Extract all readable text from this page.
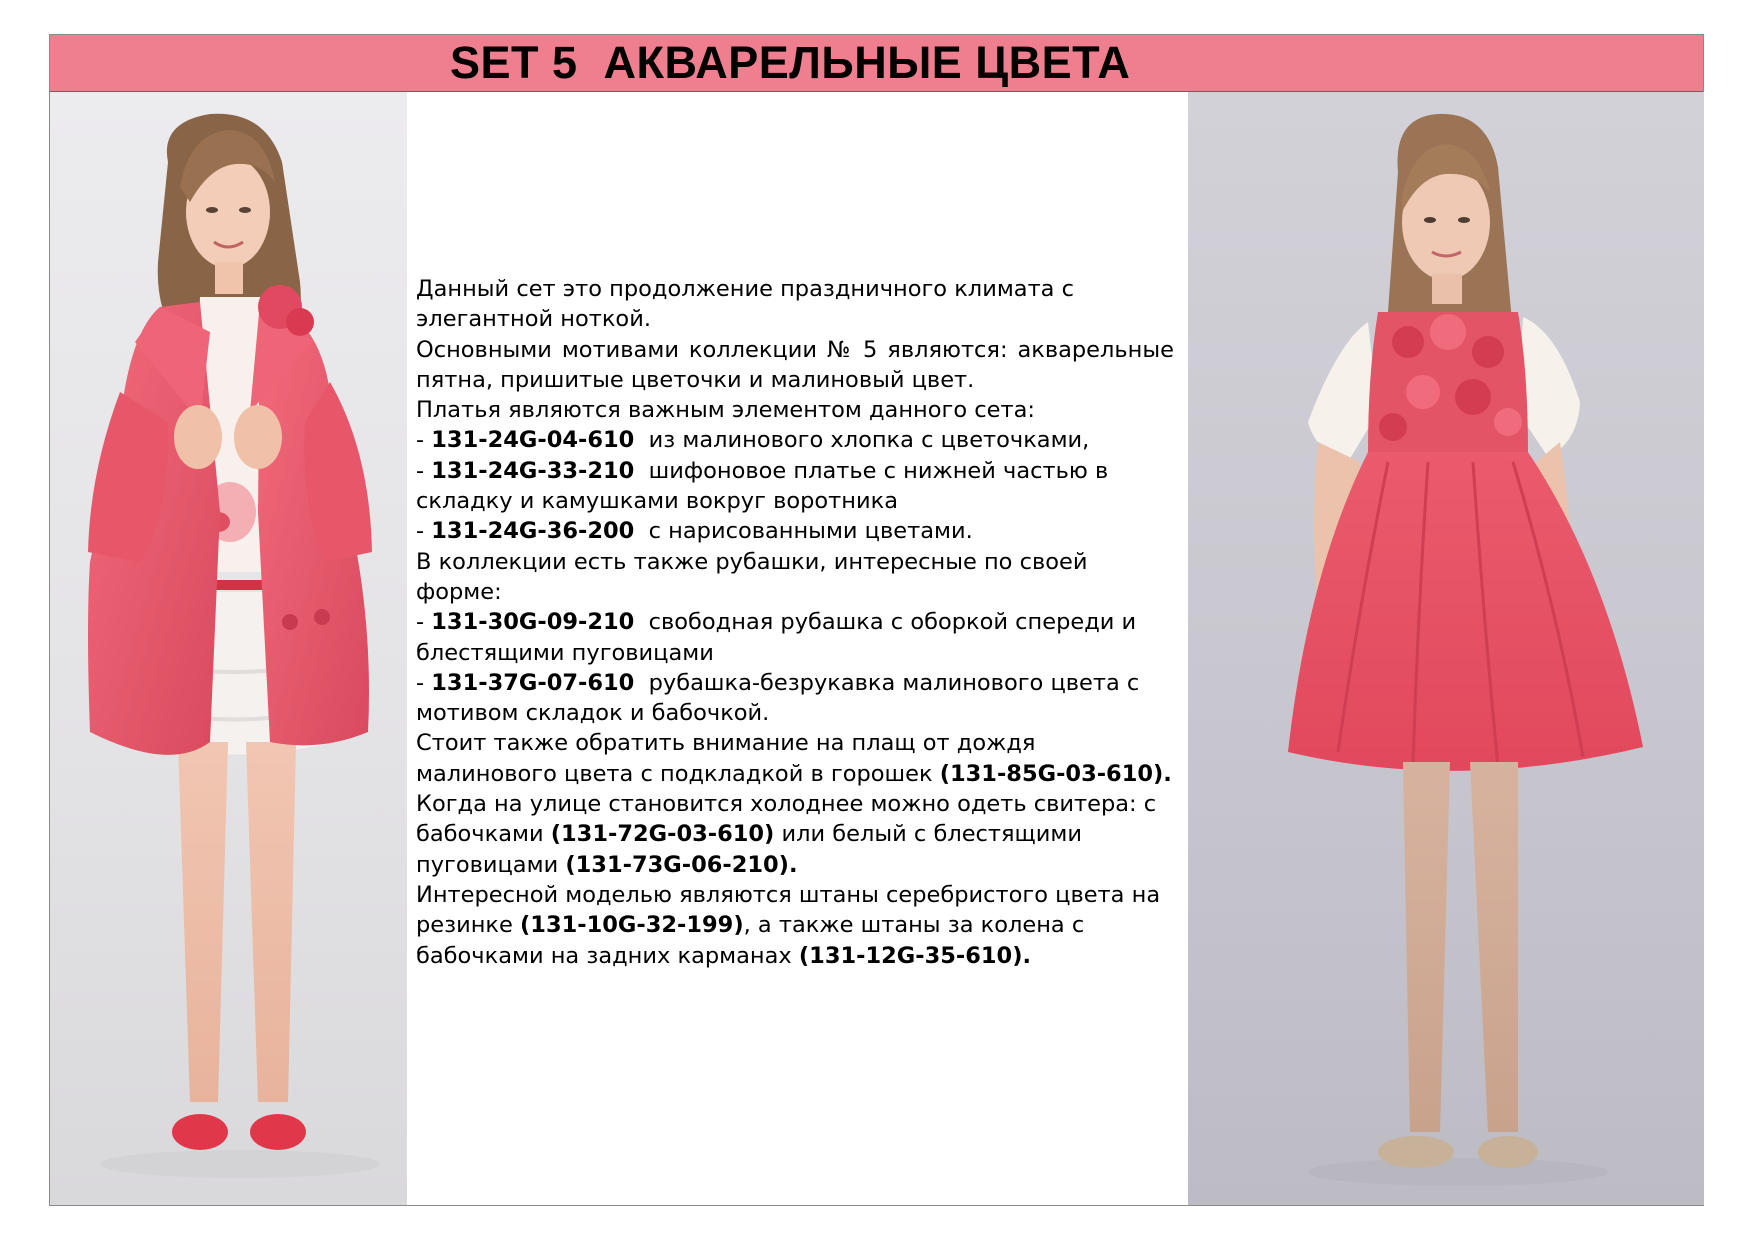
SET 5  АКВАРЕЛЬНЫЕ ЦВЕТА

Данный сет это продолжение праздничного климата с элегантной ноткой.

Основными мотивами коллекции № 5 являются: акварельные пятна, пришитые цветочки и малиновый цвет.

Платья являются важным элементом данного сета:

- 131-24G-04-610 из малинового хлопка с цветочками,

- 131-24G-33-210 шифоновое платье с нижней частью в складку и камушками вокруг воротника

- 131-24G-36-200 с нарисованными цветами.

В коллекции есть также рубашки, интересные по своей форме:

- 131-30G-09-210 свободная рубашка с оборкой спереди и блестящими пуговицами

- 131-37G-07-610 рубашка-безрукавка малинового цвета с мотивом складок и бабочкой.

Стоит также обратить внимание на плащ от дождя малинового цвета с подкладкой в горошек (131-85G-03-610). Когда на улице становится холоднее можно одеть свитера: с бабочками (131-72G-03-610) или белый с блестящими пуговицами (131-73G-06-210).

Интересной моделью являются штаны серебристого цвета на резинке (131-10G-32-199), а также штаны за колена с бабочками на задних карманах (131-12G-35-610).
